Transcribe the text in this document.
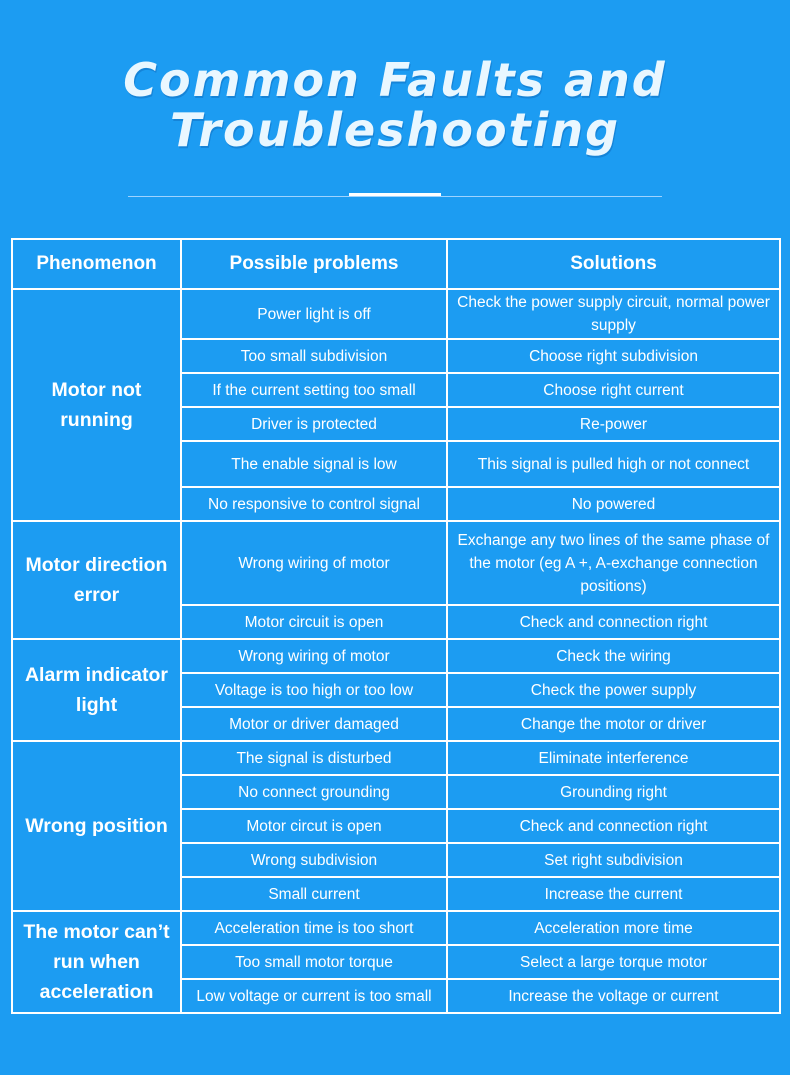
Common Faults and
Troubleshooting
Phenomenon	Possible problems	Solutions
Motor not running	Power light is off	Check the power supply circuit, normal power supply
	Too small subdivision	Choose right subdivision
	If the current setting too small	Choose right current
	Driver is protected	Re-power
	The enable signal is low	This signal is pulled high or not connect
	No responsive to control signal	No powered
Motor direction error	Wrong wiring of motor	Exchange any two lines of the same phase of the motor (eg A +, A-exchange connection positions)
	Motor circuit is open	Check and connection right
Alarm indicator light	Wrong wiring of motor	Check the wiring
	Voltage is too high or too low	Check the power supply
	Motor or driver damaged	Change the motor or driver
Wrong position	The signal is disturbed	Eliminate interference
	No connect grounding	Grounding right
	Motor circut is open	Check and connection right
	Wrong subdivision	Set right subdivision
	Small current	Increase the current
The motor can’t run when acceleration	Acceleration time is too short	Acceleration more time
	Too small motor torque	Select a large torque motor
	Low voltage or current is too small	Increase the voltage or current
